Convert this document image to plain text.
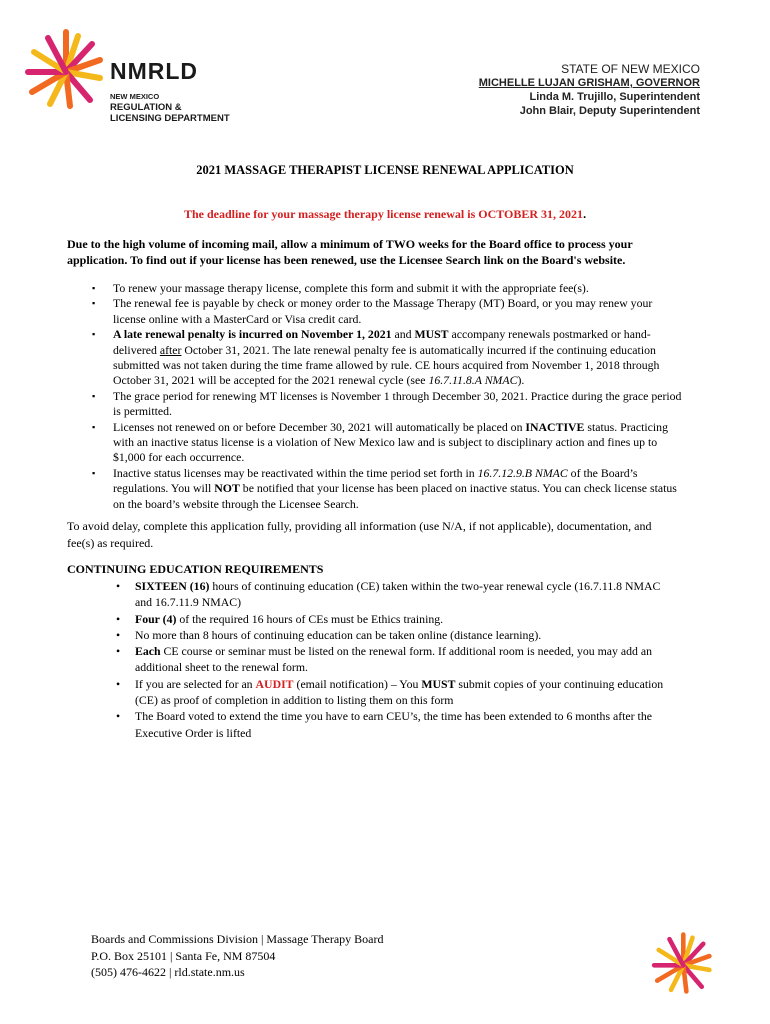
NMRLD
NEW MEXICO
REGULATION &
LICENSING DEPARTMENT
STATE OF NEW MEXICO
MICHELLE LUJAN GRISHAM, GOVERNOR
Linda M. Trujillo, Superintendent
John Blair, Deputy Superintendent
2021 MASSAGE THERAPIST LICENSE RENEWAL APPLICATION
The deadline for your massage therapy license renewal is OCTOBER 31, 2021.
Due to the high volume of incoming mail, allow a minimum of TWO weeks for the Board office to process your application. To find out if your license has been renewed, use the Licensee Search link on the Board's website.
▪ To renew your massage therapy license, complete this form and submit it with the appropriate fee(s).
▪ The renewal fee is payable by check or money order to the Massage Therapy (MT) Board, or you may renew your license online with a MasterCard or Visa credit card.
▪ A late renewal penalty is incurred on November 1, 2021 and MUST accompany renewals postmarked or hand-delivered after October 31, 2021. The late renewal penalty fee is automatically incurred if the continuing education submitted was not taken during the time frame allowed by rule. CE hours acquired from November 1, 2018 through October 31, 2021 will be accepted for the 2021 renewal cycle (see 16.7.11.8.A NMAC).
▪ The grace period for renewing MT licenses is November 1 through December 30, 2021. Practice during the grace period is permitted.
▪ Licenses not renewed on or before December 30, 2021 will automatically be placed on INACTIVE status. Practicing with an inactive status license is a violation of New Mexico law and is subject to disciplinary action and fines up to $1,000 for each occurrence.
▪ Inactive status licenses may be reactivated within the time period set forth in 16.7.12.9.B NMAC of the Board’s regulations. You will NOT be notified that your license has been placed on inactive status. You can check license status on the board’s website through the Licensee Search.
To avoid delay, complete this application fully, providing all information (use N/A, if not applicable), documentation, and fee(s) as required.
CONTINUING EDUCATION REQUIREMENTS
• SIXTEEN (16) hours of continuing education (CE) taken within the two-year renewal cycle (16.7.11.8 NMAC and 16.7.11.9 NMAC)
• Four (4) of the required 16 hours of CEs must be Ethics training.
• No more than 8 hours of continuing education can be taken online (distance learning).
• Each CE course or seminar must be listed on the renewal form. If additional room is needed, you may add an additional sheet to the renewal form.
• If you are selected for an AUDIT (email notification) – You MUST submit copies of your continuing education (CE) as proof of completion in addition to listing them on this form
• The Board voted to extend the time you have to earn CEU’s, the time has been extended to 6 months after the Executive Order is lifted
Boards and Commissions Division | Massage Therapy Board
P.O. Box 25101 | Santa Fe, NM 87504
(505) 476-4622 | rld.state.nm.us
